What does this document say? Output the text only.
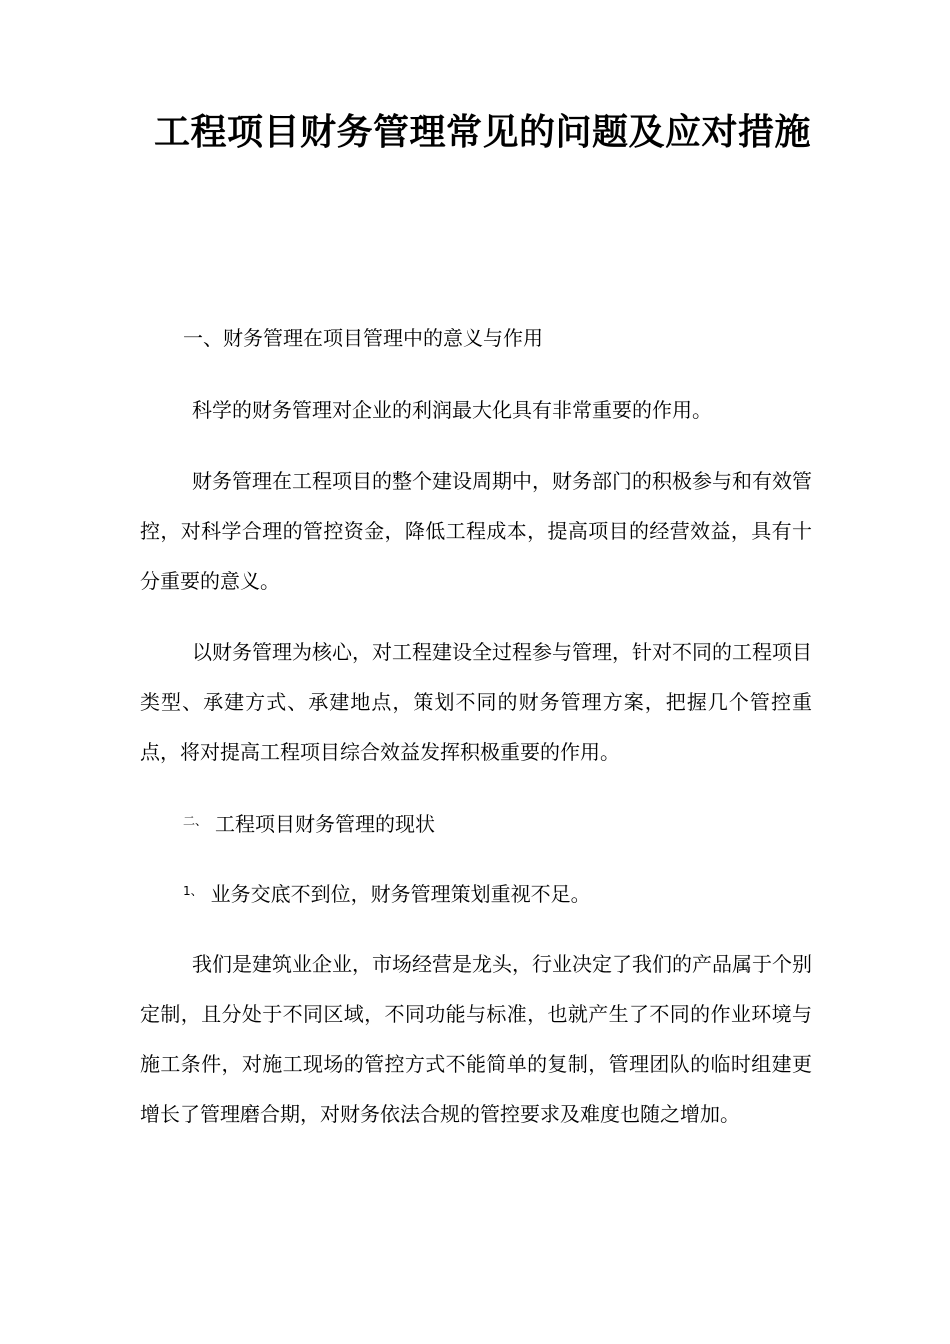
工程项目财务管理常见的问题及应对措施

一、财务管理在项目管理中的意义与作用

科学的财务管理对企业的利润最大化具有非常重要的作用。

财务管理在工程项目的整个建设周期中，财务部门的积极参与和有效管控，对科学合理的管控资金，降低工程成本，提高项目的经营效益，具有十分重要的意义。

以财务管理为核心，对工程建设全过程参与管理，针对不同的工程项目类型、承建方式、承建地点，策划不同的财务管理方案，把握几个管控重点，将对提高工程项目综合效益发挥积极重要的作用。

$^{二、}$ 工程项目财务管理的现状

$^{1、}$ 业务交底不到位，财务管理策划重视不足。

我们是建筑业企业，市场经营是龙头，行业决定了我们的产品属于个别定制，且分处于不同区域，不同功能与标准，也就产生了不同的作业环境与施工条件，对施工现场的管控方式不能简单的复制，管理团队的临时组建更增长了管理磨合期，对财务依法合规的管控要求及难度也随之增加。
